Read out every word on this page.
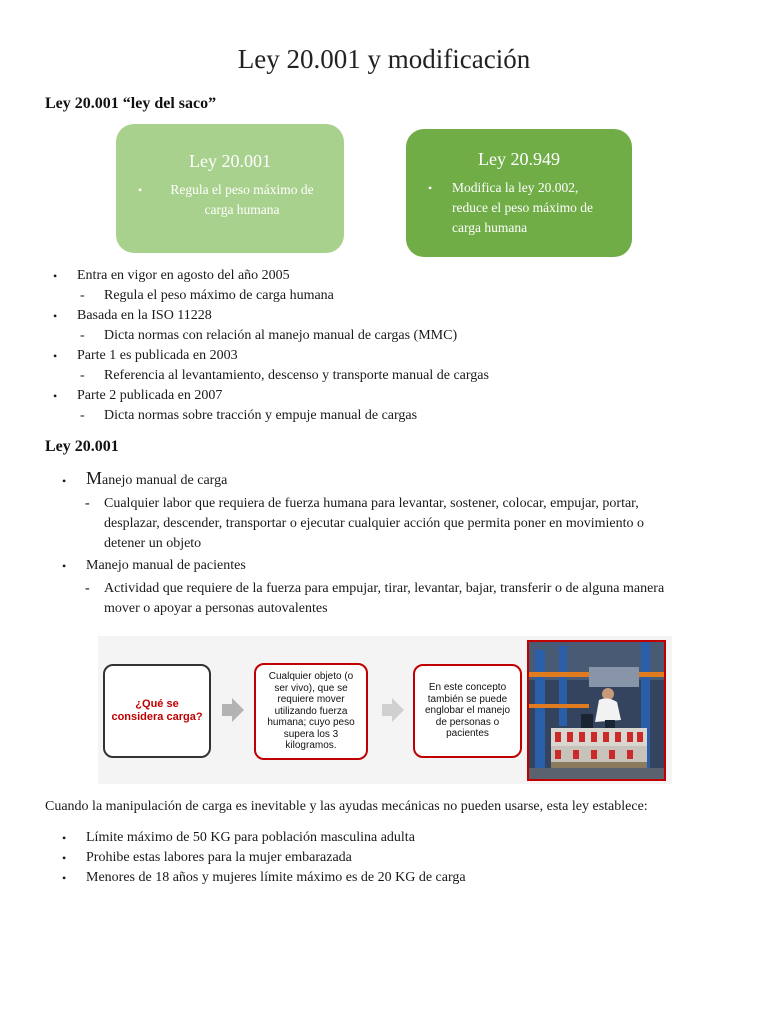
Ley 20.001 y modificación
Ley 20.001 “ley del saco”
Ley 20.001
• Regula el peso máximo de carga humana
Ley 20.949
• Modifica la ley 20.002, reduce el peso máximo de carga humana
• Entra en vigor en agosto del año 2005
- Regula el peso máximo de carga humana
• Basada en la ISO 11228
- Dicta normas con relación al manejo manual de cargas (MMC)
• Parte 1 es publicada en 2003
- Referencia al levantamiento, descenso y transporte manual de cargas
• Parte 2 publicada en 2007
- Dicta normas sobre tracción y empuje manual de cargas
Ley 20.001
• Manejo manual de carga
- Cualquier labor que requiera de fuerza humana para levantar, sostener, colocar, empujar, portar,
desplazar, descender, transportar o ejecutar cualquier acción que permita poner en movimiento o
detener un objeto
• Manejo manual de pacientes
- Actividad que requiere de la fuerza para empujar, tirar, levantar, bajar, transferir o de alguna manera
mover o apoyar a personas autovalentes
¿Qué se considera carga?
Cualquier objeto (o
ser vivo), que se
requiere mover
utilizando fuerza
humana; cuyo peso
supera los 3
kilogramos.
En este concepto
también se puede
englobar el manejo
de personas o
pacientes
Cuando la manipulación de carga es inevitable y las ayudas mecánicas no pueden usarse, esta ley establece:
• Límite máximo de 50 KG para población masculina adulta
• Prohibe estas labores para la mujer embarazada
• Menores de 18 años y mujeres límite máximo es de 20 KG de carga
